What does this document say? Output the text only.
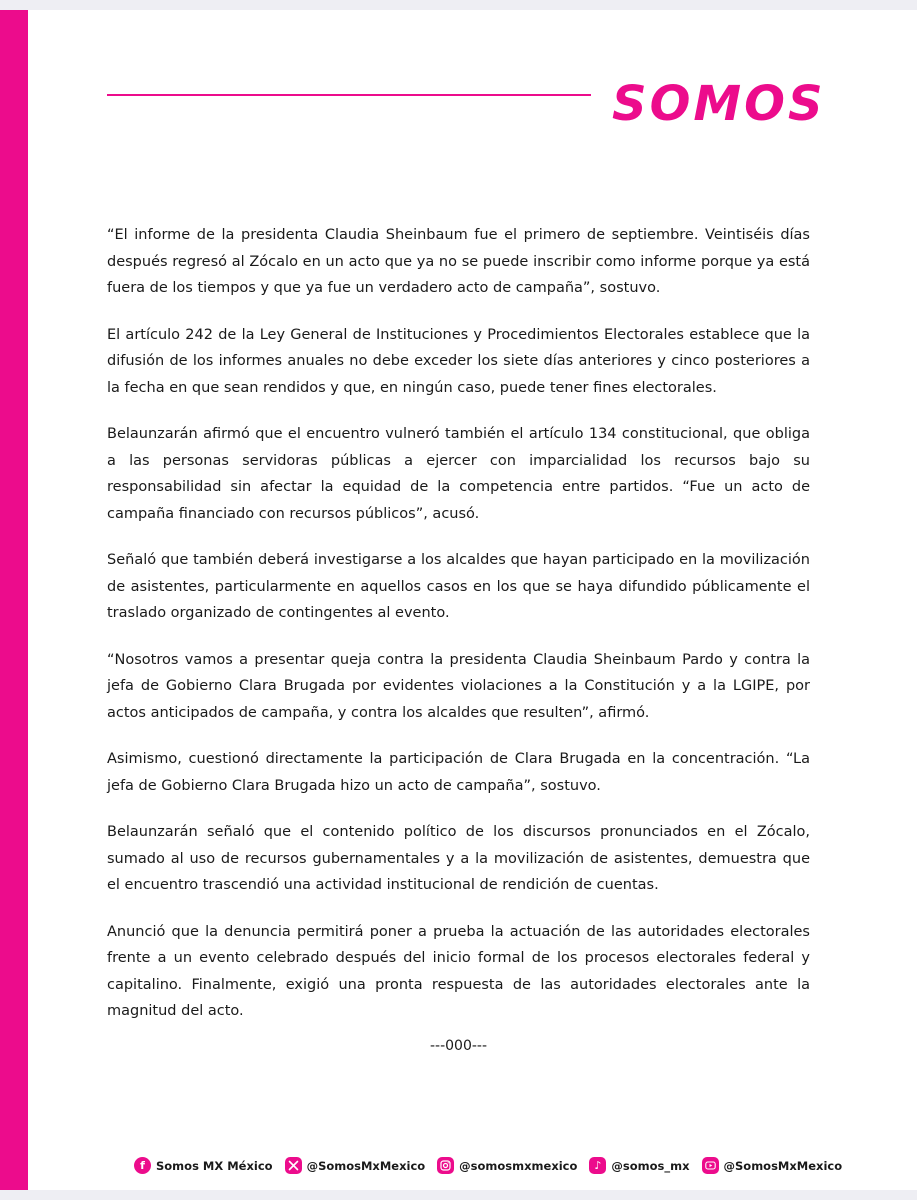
SOMOS

“El informe de la presidenta Claudia Sheinbaum fue el primero de septiembre. Veintiséis días después regresó al Zócalo en un acto que ya no se puede inscribir como informe porque ya está fuera de los tiempos y que ya fue un verdadero acto de campaña”, sostuvo.

El artículo 242 de la Ley General de Instituciones y Procedimientos Electorales establece que la difusión de los informes anuales no debe exceder los siete días anteriores y cinco posteriores a la fecha en que sean rendidos y que, en ningún caso, puede tener fines electorales.

Belaunzarán afirmó que el encuentro vulneró también el artículo 134 constitucional, que obliga a las personas servidoras públicas a ejercer con imparcialidad los recursos bajo su responsabilidad sin afectar la equidad de la competencia entre partidos. “Fue un acto de campaña financiado con recursos públicos”, acusó.

Señaló que también deberá investigarse a los alcaldes que hayan participado en la movilización de asistentes, particularmente en aquellos casos en los que se haya difundido públicamente el traslado organizado de contingentes al evento.

“Nosotros vamos a presentar queja contra la presidenta Claudia Sheinbaum Pardo y contra la jefa de Gobierno Clara Brugada por evidentes violaciones a la Constitución y a la LGIPE, por actos anticipados de campaña, y contra los alcaldes que resulten”, afirmó.

Asimismo, cuestionó directamente la participación de Clara Brugada en la concentración. “La jefa de Gobierno Clara Brugada hizo un acto de campaña”, sostuvo.

Belaunzarán señaló que el contenido político de los discursos pronunciados en el Zócalo, sumado al uso de recursos gubernamentales y a la movilización de asistentes, demuestra que el encuentro trascendió una actividad institucional de rendición de cuentas.

Anunció que la denuncia permitirá poner a prueba la actuación de las autoridades electorales frente a un evento celebrado después del inicio formal de los procesos electorales federal y capitalino. Finalmente, exigió una pronta respuesta de las autoridades electorales ante la magnitud del acto.

---000---
f Somos MX México	@SomosMxMexico	@somosmxmexico	♪ @somos_mx	@SomosMxMexico
